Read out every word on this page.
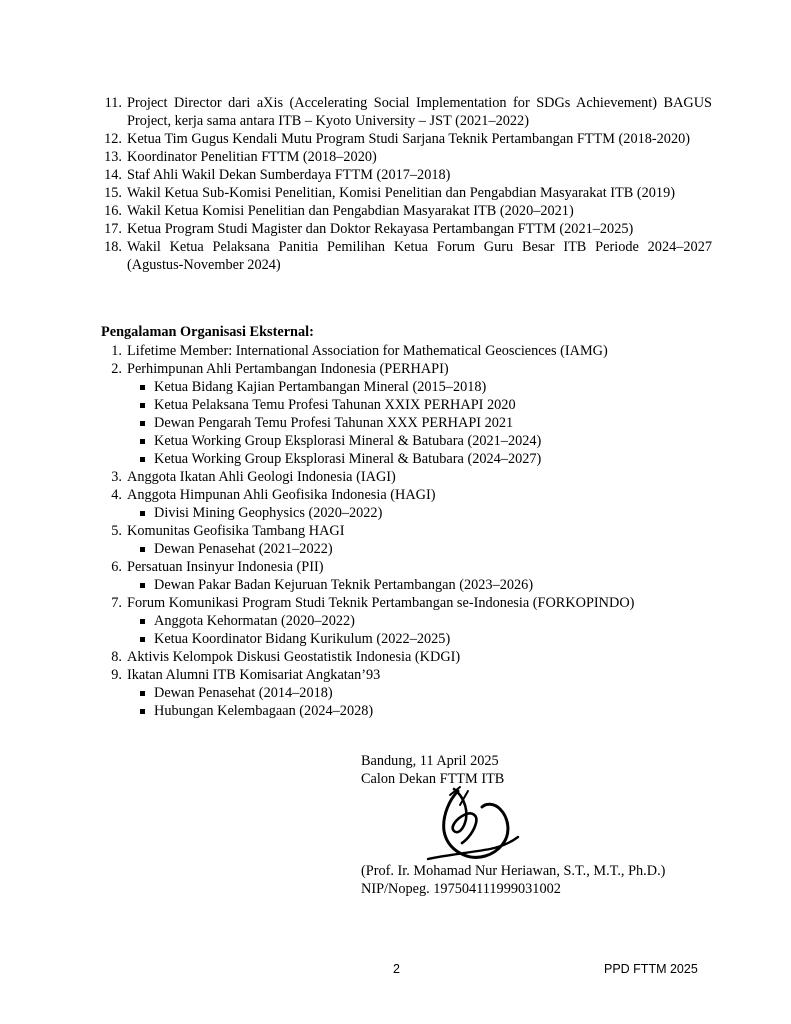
11. Project Director dari aXis (Accelerating Social Implementation for SDGs Achievement) BAGUS Project, kerja sama antara ITB – Kyoto University – JST (2021–2022)
12. Ketua Tim Gugus Kendali Mutu Program Studi Sarjana Teknik Pertambangan FTTM (2018-2020)
13. Koordinator Penelitian FTTM (2018–2020)
14. Staf Ahli Wakil Dekan Sumberdaya FTTM (2017–2018)
15. Wakil Ketua Sub-Komisi Penelitian, Komisi Penelitian dan Pengabdian Masyarakat ITB (2019)
16. Wakil Ketua Komisi Penelitian dan Pengabdian Masyarakat ITB (2020–2021)
17. Ketua Program Studi Magister dan Doktor Rekayasa Pertambangan FTTM (2021–2025)
18. Wakil Ketua Pelaksana Panitia Pemilihan Ketua Forum Guru Besar ITB Periode 2024–2027 (Agustus-November 2024)
Pengalaman Organisasi Eksternal:
1. Lifetime Member: International Association for Mathematical Geosciences (IAMG)
2. Perhimpunan Ahli Pertambangan Indonesia (PERHAPI)
Ketua Bidang Kajian Pertambangan Mineral (2015–2018)
Ketua Pelaksana Temu Profesi Tahunan XXIX PERHAPI 2020
Dewan Pengarah Temu Profesi Tahunan XXX PERHAPI 2021
Ketua Working Group Eksplorasi Mineral & Batubara (2021–2024)
Ketua Working Group Eksplorasi Mineral & Batubara (2024–2027)
3. Anggota Ikatan Ahli Geologi Indonesia (IAGI)
4. Anggota Himpunan Ahli Geofisika Indonesia (HAGI)
Divisi Mining Geophysics (2020–2022)
5. Komunitas Geofisika Tambang HAGI
Dewan Penasehat (2021–2022)
6. Persatuan Insinyur Indonesia (PII)
Dewan Pakar Badan Kejuruan Teknik Pertambangan (2023–2026)
7. Forum Komunikasi Program Studi Teknik Pertambangan se-Indonesia (FORKOPINDO)
Anggota Kehormatan (2020–2022)
Ketua Koordinator Bidang Kurikulum (2022–2025)
8. Aktivis Kelompok Diskusi Geostatistik Indonesia (KDGI)
9. Ikatan Alumni ITB Komisariat Angkatan’93
Dewan Penasehat (2014–2018)
Hubungan Kelembagaan (2024–2028)
Bandung, 11 April 2025
Calon Dekan FTTM ITB
(Prof. Ir. Mohamad Nur Heriawan, S.T., M.T., Ph.D.)
NIP/Nopeg. 197504111999031002
2	PPD FTTM 2025
